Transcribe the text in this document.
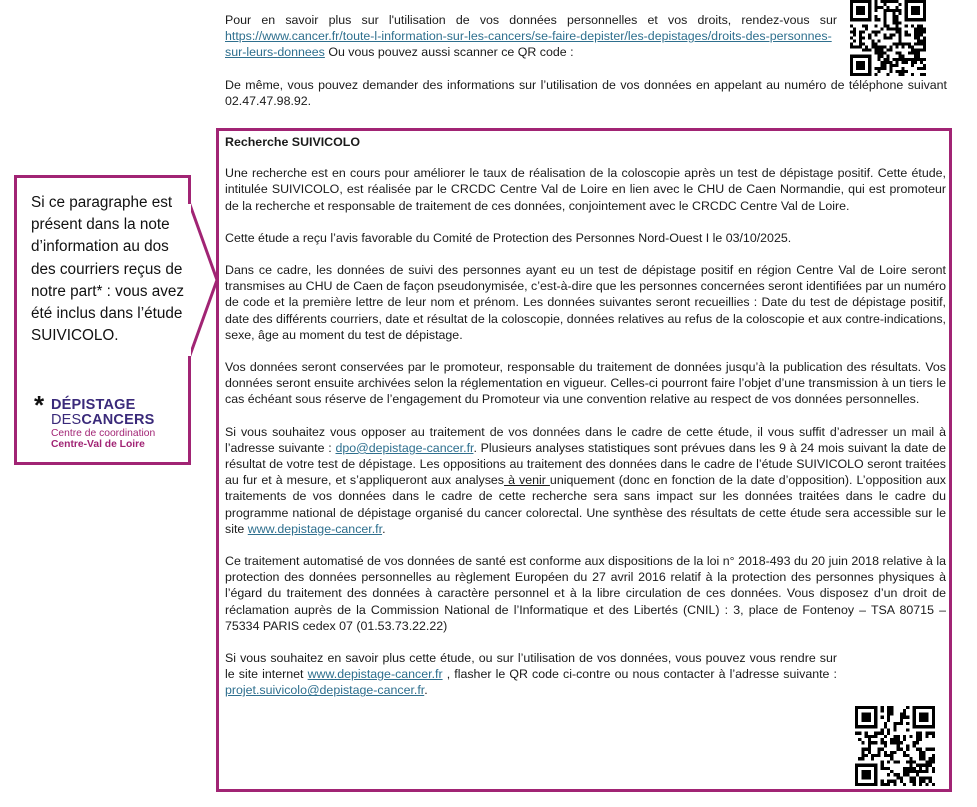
Pour en savoir plus sur l'utilisation de vos données personnelles et vos droits, rendez-vous sur https://www.cancer.fr/toute-l-information-sur-les-cancers/se-faire-depister/les-depistages/droits-des-personnes-sur-leurs-donnees Ou vous pouvez aussi scanner ce QR code :

De même, vous pouvez demander des informations sur l’utilisation de vos données en appelant au numéro de téléphone suivant 02.47.47.98.92.

Recherche SUIVICOLO

Une recherche est en cours pour améliorer le taux de réalisation de la coloscopie après un test de dépistage positif. Cette étude, intitulée SUIVICOLO, est réalisée par le CRCDC Centre Val de Loire en lien avec le CHU de Caen Normandie, qui est promoteur de la recherche et responsable de traitement de ces données, conjointement avec le CRCDC Centre Val de Loire.

Cette étude a reçu l’avis favorable du Comité de Protection des Personnes Nord-Ouest I le 03/10/2025.

Dans ce cadre, les données de suivi des personnes ayant eu un test de dépistage positif en région Centre Val de Loire seront transmises au CHU de Caen de façon pseudonymisée, c’est-à-dire que les personnes concernées seront identifiées par un numéro de code et la première lettre de leur nom et prénom. Les données suivantes seront recueillies : Date du test de dépistage positif, date des différents courriers, date et résultat de la coloscopie, données relatives au refus de la coloscopie et aux contre-indications, sexe, âge au moment du test de dépistage.

Vos données seront conservées par le promoteur, responsable du traitement de données jusqu’à la publication des résultats. Vos données seront ensuite archivées selon la réglementation en vigueur. Celles-ci pourront faire l’objet d’une transmission à un tiers le cas échéant sous réserve de l’engagement du Promoteur via une convention relative au respect de vos données personnelles.

Si vous souhaitez vous opposer au traitement de vos données dans le cadre de cette étude, il vous suffit d’adresser un mail à l’adresse suivante : dpo@depistage-cancer.fr. Plusieurs analyses statistiques sont prévues dans les 9 à 24 mois suivant la date de résultat de votre test de dépistage. Les oppositions au traitement des données dans le cadre de l’étude SUIVICOLO seront traitées au fur et à mesure, et s’appliqueront aux analyses à venir uniquement (donc en fonction de la date d’opposition). L’opposition aux traitements de vos données dans le cadre de cette recherche sera sans impact sur les données traitées dans le cadre du programme national de dépistage organisé du cancer colorectal. Une synthèse des résultats de cette étude sera accessible sur le site www.depistage-cancer.fr.

Ce traitement automatisé de vos données de santé est conforme aux dispositions de la loi n° 2018-493 du 20 juin 2018 relative à la protection des données personnelles au règlement Européen du 27 avril 2016 relatif à la protection des personnes physiques à l’égard du traitement des données à caractère personnel et à la libre circulation de ces données. Vous disposez d’un droit de réclamation auprès de la Commission National de l’Informatique et des Libertés (CNIL) : 3, place de Fontenoy – TSA 80715 – 75334 PARIS cedex 07 (01.53.73.22.22)

Si vous souhaitez en savoir plus cette étude, ou sur l’utilisation de vos données, vous pouvez vous rendre sur le site internet www.depistage-cancer.fr , flasher le QR code ci-contre ou nous contacter à l’adresse suivante : projet.suivicolo@depistage-cancer.fr.

Si ce paragraphe est présent dans la note d’information au dos des courriers reçus de notre part* : vous avez été inclus dans l’étude SUIVICOLO.
* DÉPISTAGE
DESCANCERS
Centre de coordination
Centre-Val de Loire
